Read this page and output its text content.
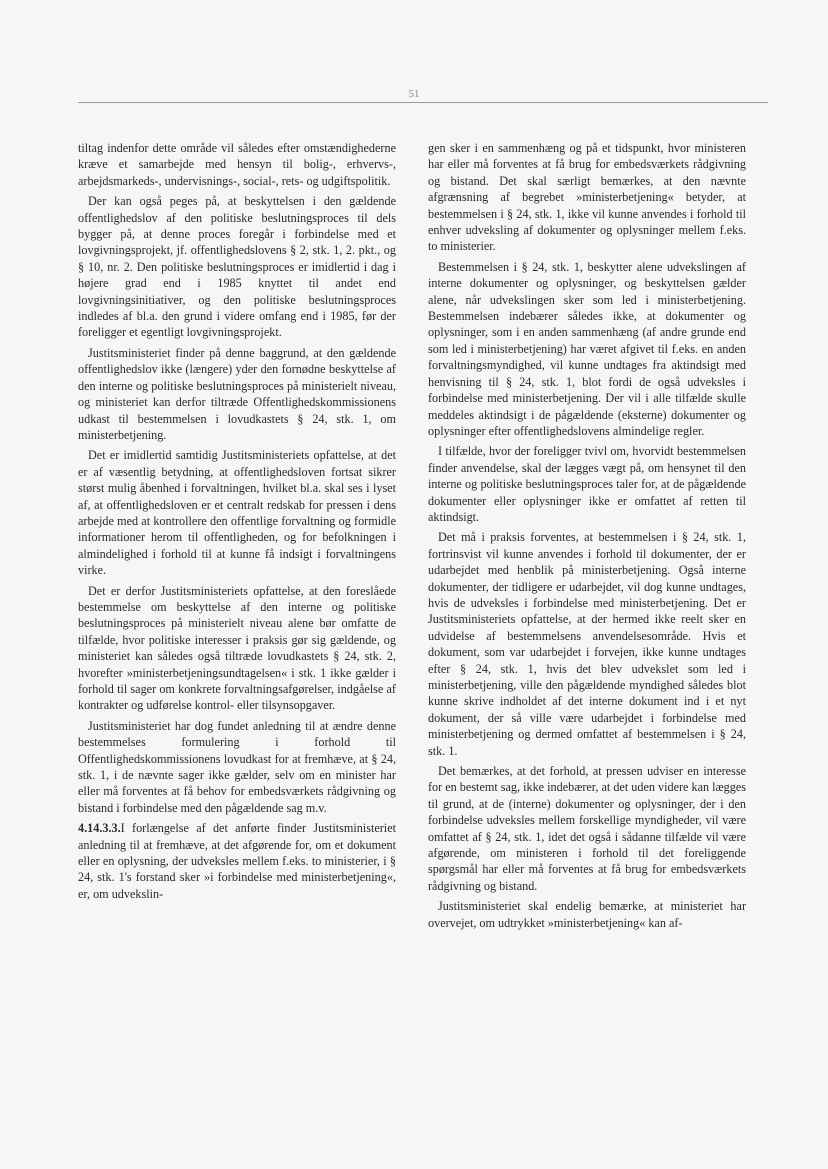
51

tiltag indenfor dette område vil således efter omstændighederne kræve et samarbejde med hensyn til bolig-, erhvervs-, arbejdsmarkeds-, undervisnings-, social-, rets- og udgiftspolitik.

Der kan også peges på, at beskyttelsen i den gældende offentlighedslov af den politiske beslutningsproces til dels bygger på, at denne proces foregår i forbindelse med et lovgivningsprojekt, jf. offentlighedslovens § 2, stk. 1, 2. pkt., og § 10, nr. 2. Den politiske beslutningsproces er imidlertid i dag i højere grad end i 1985 knyttet til andet end lovgivningsinitiativer, og den politiske beslutningsproces indledes af bl.a. den grund i videre omfang end i 1985, før der foreligger et egentligt lovgivningsprojekt.

Justitsministeriet finder på denne baggrund, at den gældende offentlighedslov ikke (længere) yder den fornødne beskyttelse af den interne og politiske beslutningsproces på ministerielt niveau, og ministeriet kan derfor tiltræde Offentlighedskommissionens udkast til bestemmelsen i lovudkastets § 24, stk. 1, om ministerbetjening.

Det er imidlertid samtidig Justitsministeriets opfattelse, at det er af væsentlig betydning, at offentlighedsloven fortsat sikrer størst mulig åbenhed i forvaltningen, hvilket bl.a. skal ses i lyset af, at offentlighedsloven er et centralt redskab for pressen i dens arbejde med at kontrollere den offentlige forvaltning og formidle informationer herom til offentligheden, og for befolkningen i almindelighed i forhold til at kunne få indsigt i forvaltningens virke.

Det er derfor Justitsministeriets opfattelse, at den foreslåede bestemmelse om beskyttelse af den interne og politiske beslutningsproces på ministerielt niveau alene bør omfatte de tilfælde, hvor politiske interesser i praksis gør sig gældende, og ministeriet kan således også tiltræde lovudkastets § 24, stk. 2, hvorefter »ministerbetjeningsundtagelsen« i stk. 1 ikke gælder i forhold til sager om konkrete forvaltningsafgørelser, indgåelse af kontrakter og udførelse kontrol- eller tilsynsopgaver.

Justitsministeriet har dog fundet anledning til at ændre denne bestemmelses formulering i forhold til Offentlighedskommissionens lovudkast for at fremhæve, at § 24, stk. 1, i de nævnte sager ikke gælder, selv om en minister har eller må forventes at få behov for embedsværkets rådgivning og bistand i forbindelse med den pågældende sag m.v.

4.14.3.3.I forlængelse af det anførte finder Justitsministeriet anledning til at fremhæve, at det afgørende for, om et dokument eller en oplysning, der udveksles mellem f.eks. to ministerier, i § 24, stk. 1's forstand sker »i forbindelse med ministerbetjening«, er, om udvekslin-

gen sker i en sammenhæng og på et tidspunkt, hvor ministeren har eller må forventes at få brug for embedsværkets rådgivning og bistand. Det skal særligt bemærkes, at den nævnte afgrænsning af begrebet »ministerbetjening« betyder, at bestemmelsen i § 24, stk. 1, ikke vil kunne anvendes i forhold til enhver udveksling af dokumenter og oplysninger mellem f.eks. to ministerier.

Bestemmelsen i § 24, stk. 1, beskytter alene udvekslingen af interne dokumenter og oplysninger, og beskyttelsen gælder alene, når udvekslingen sker som led i ministerbetjening. Bestemmelsen indebærer således ikke, at dokumenter og oplysninger, som i en anden sammenhæng (af andre grunde end som led i ministerbetjening) har været afgivet til f.eks. en anden forvaltningsmyndighed, vil kunne undtages fra aktindsigt med henvisning til § 24, stk. 1, blot fordi de også udveksles i forbindelse med ministerbetjening. Der vil i alle tilfælde skulle meddeles aktindsigt i de pågældende (eksterne) dokumenter og oplysninger efter offentlighedslovens almindelige regler.

I tilfælde, hvor der foreligger tvivl om, hvorvidt bestemmelsen finder anvendelse, skal der lægges vægt på, om hensynet til den interne og politiske beslutningsproces taler for, at de pågældende dokumenter eller oplysninger ikke er omfattet af retten til aktindsigt.

Det må i praksis forventes, at bestemmelsen i § 24, stk. 1, fortrinsvist vil kunne anvendes i forhold til dokumenter, der er udarbejdet med henblik på ministerbetjening. Også interne dokumenter, der tidligere er udarbejdet, vil dog kunne undtages, hvis de udveksles i forbindelse med ministerbetjening. Det er Justitsministeriets opfattelse, at der hermed ikke reelt sker en udvidelse af bestemmelsens anvendelsesområde. Hvis et dokument, som var udarbejdet i forvejen, ikke kunne undtages efter § 24, stk. 1, hvis det blev udvekslet som led i ministerbetjening, ville den pågældende myndighed således blot kunne skrive indholdet af det interne dokument ind i et nyt dokument, der så ville være udarbejdet i forbindelse med ministerbetjening og dermed omfattet af bestemmelsen i § 24, stk. 1.

Det bemærkes, at det forhold, at pressen udviser en interesse for en bestemt sag, ikke indebærer, at det uden videre kan lægges til grund, at de (interne) dokumenter og oplysninger, der i den forbindelse udveksles mellem forskellige myndigheder, vil være omfattet af § 24, stk. 1, idet det også i sådanne tilfælde vil være afgørende, om ministeren i forhold til det foreliggende spørgsmål har eller må forventes at få brug for embedsværkets rådgivning og bistand.

Justitsministeriet skal endelig bemærke, at ministeriet har overvejet, om udtrykket »ministerbetjening« kan af-
